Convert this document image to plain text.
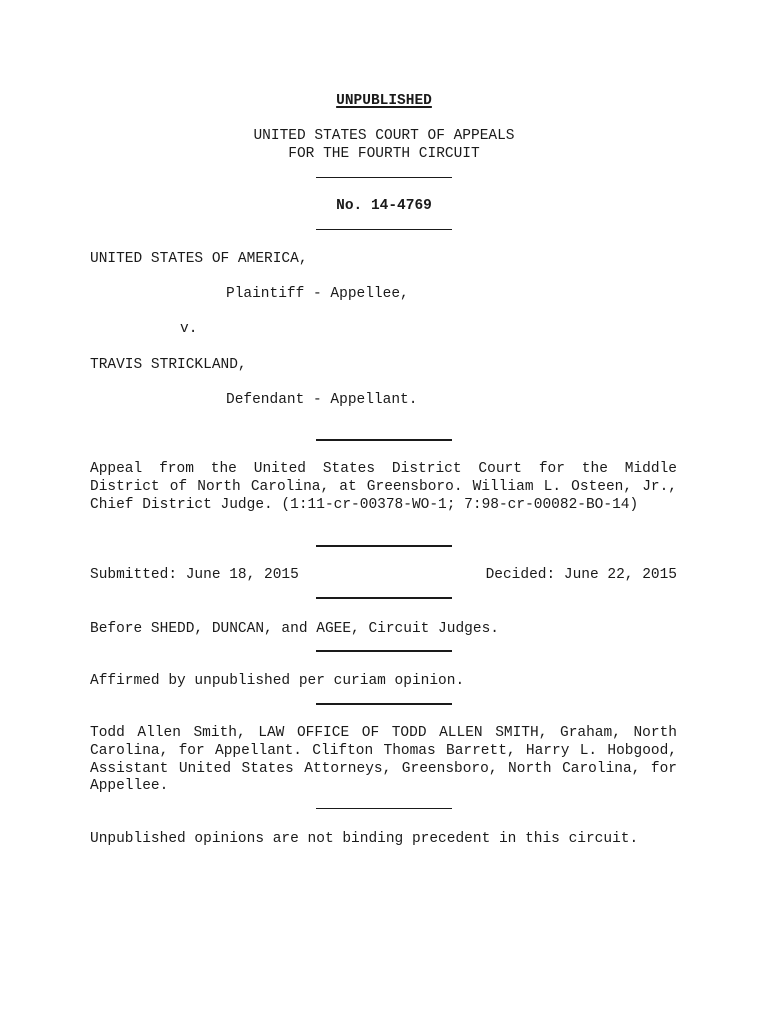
UNPUBLISHED
UNITED STATES COURT OF APPEALS
FOR THE FOURTH CIRCUIT
No. 14-4769
UNITED STATES OF AMERICA,
Plaintiff - Appellee,
v.
TRAVIS STRICKLAND,
Defendant - Appellant.
Appeal from the United States District Court for the Middle District of North Carolina, at Greensboro. William L. Osteen, Jr., Chief District Judge. (1:11-cr-00378-WO-1; 7:98-cr-00082-BO-14)
Submitted: June 18, 2015	Decided: June 22, 2015
Before SHEDD, DUNCAN, and AGEE, Circuit Judges.
Affirmed by unpublished per curiam opinion.
Todd Allen Smith, LAW OFFICE OF TODD ALLEN SMITH, Graham, North Carolina, for Appellant. Clifton Thomas Barrett, Harry L. Hobgood, Assistant United States Attorneys, Greensboro, North Carolina, for Appellee.
Unpublished opinions are not binding precedent in this circuit.
